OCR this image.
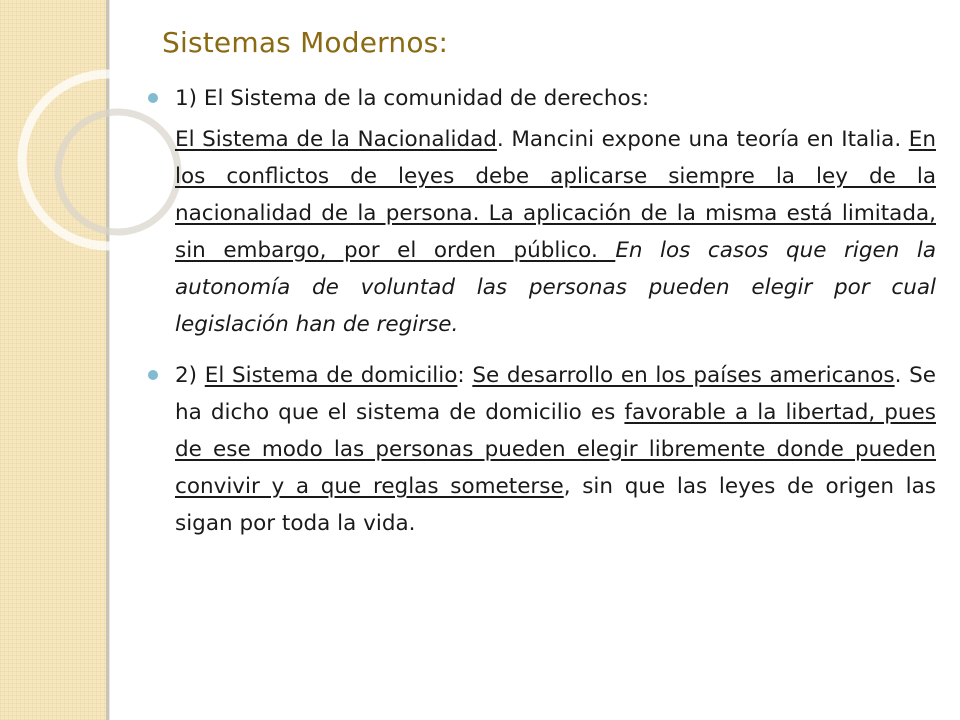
Sistemas Modernos:

1) El Sistema de la comunidad de derechos:

El Sistema de la Nacionalidad. Mancini expone una teoría en Italia. En los conflictos de leyes debe aplicarse siempre la ley de la nacionalidad de la persona. La aplicación de la misma está limitada, sin embargo, por el orden público. En los casos que rigen la autonomía de voluntad las personas pueden elegir por cual legislación han de regirse.

2) El Sistema de domicilio: Se desarrollo en los países americanos. Se ha dicho que el sistema de domicilio es favorable a la libertad, pues de ese modo las personas pueden elegir libremente donde pueden convivir y a que reglas someterse, sin que las leyes de origen las sigan por toda la vida.
